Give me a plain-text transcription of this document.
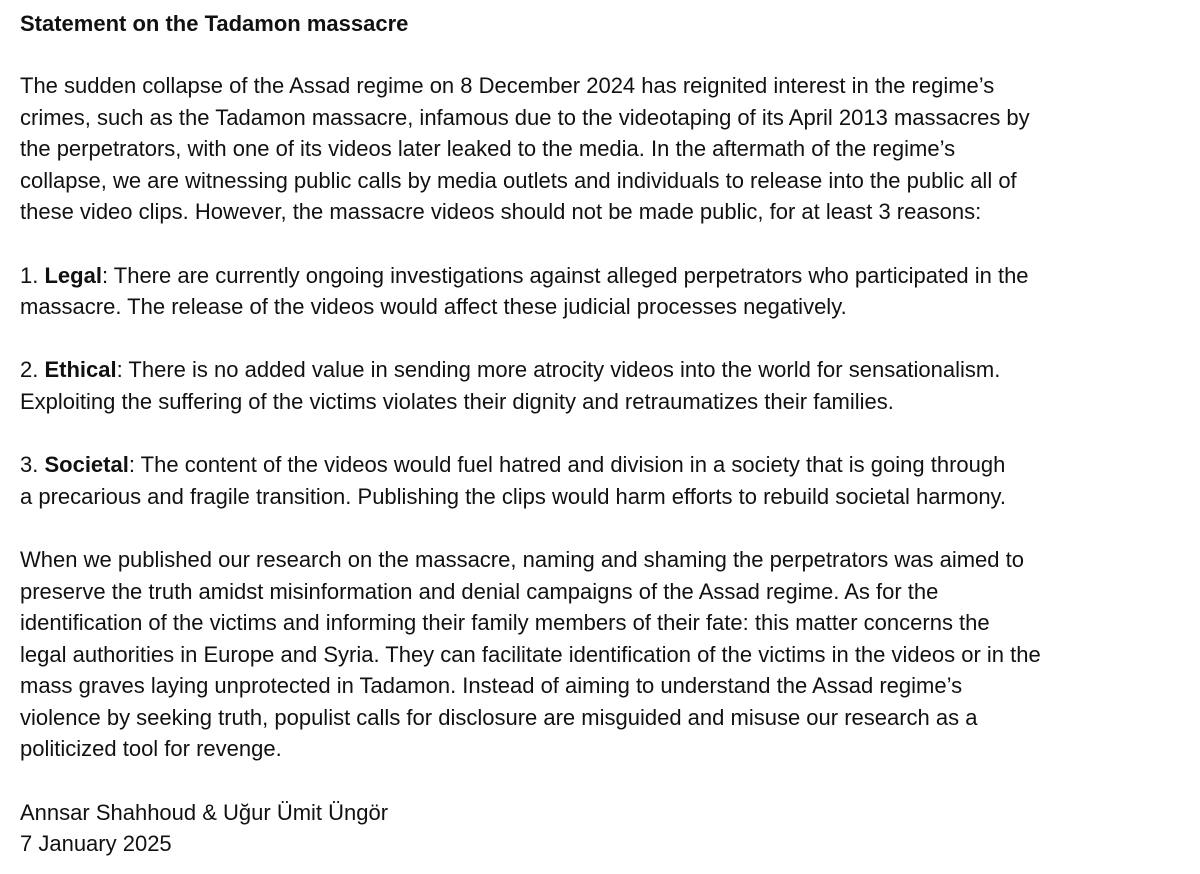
Statement on the Tadamon massacre
The sudden collapse of the Assad regime on 8 December 2024 has reignited interest in the regime’s
crimes, such as the Tadamon massacre, infamous due to the videotaping of its April 2013 massacres by
the perpetrators, with one of its videos later leaked to the media. In the aftermath of the regime’s
collapse, we are witnessing public calls by media outlets and individuals to release into the public all of
these video clips. However, the massacre videos should not be made public, for at least 3 reasons:
1. Legal: There are currently ongoing investigations against alleged perpetrators who participated in the
massacre. The release of the videos would affect these judicial processes negatively.
2. Ethical: There is no added value in sending more atrocity videos into the world for sensationalism.
Exploiting the suffering of the victims violates their dignity and retraumatizes their families.
3. Societal: The content of the videos would fuel hatred and division in a society that is going through
a precarious and fragile transition. Publishing the clips would harm efforts to rebuild societal harmony.
When we published our research on the massacre, naming and shaming the perpetrators was aimed to
preserve the truth amidst misinformation and denial campaigns of the Assad regime. As for the
identification of the victims and informing their family members of their fate: this matter concerns the
legal authorities in Europe and Syria. They can facilitate identification of the victims in the videos or in the
mass graves laying unprotected in Tadamon. Instead of aiming to understand the Assad regime’s
violence by seeking truth, populist calls for disclosure are misguided and misuse our research as a
politicized tool for revenge.
Annsar Shahhoud & Uğur Ümit Üngör
7 January 2025
